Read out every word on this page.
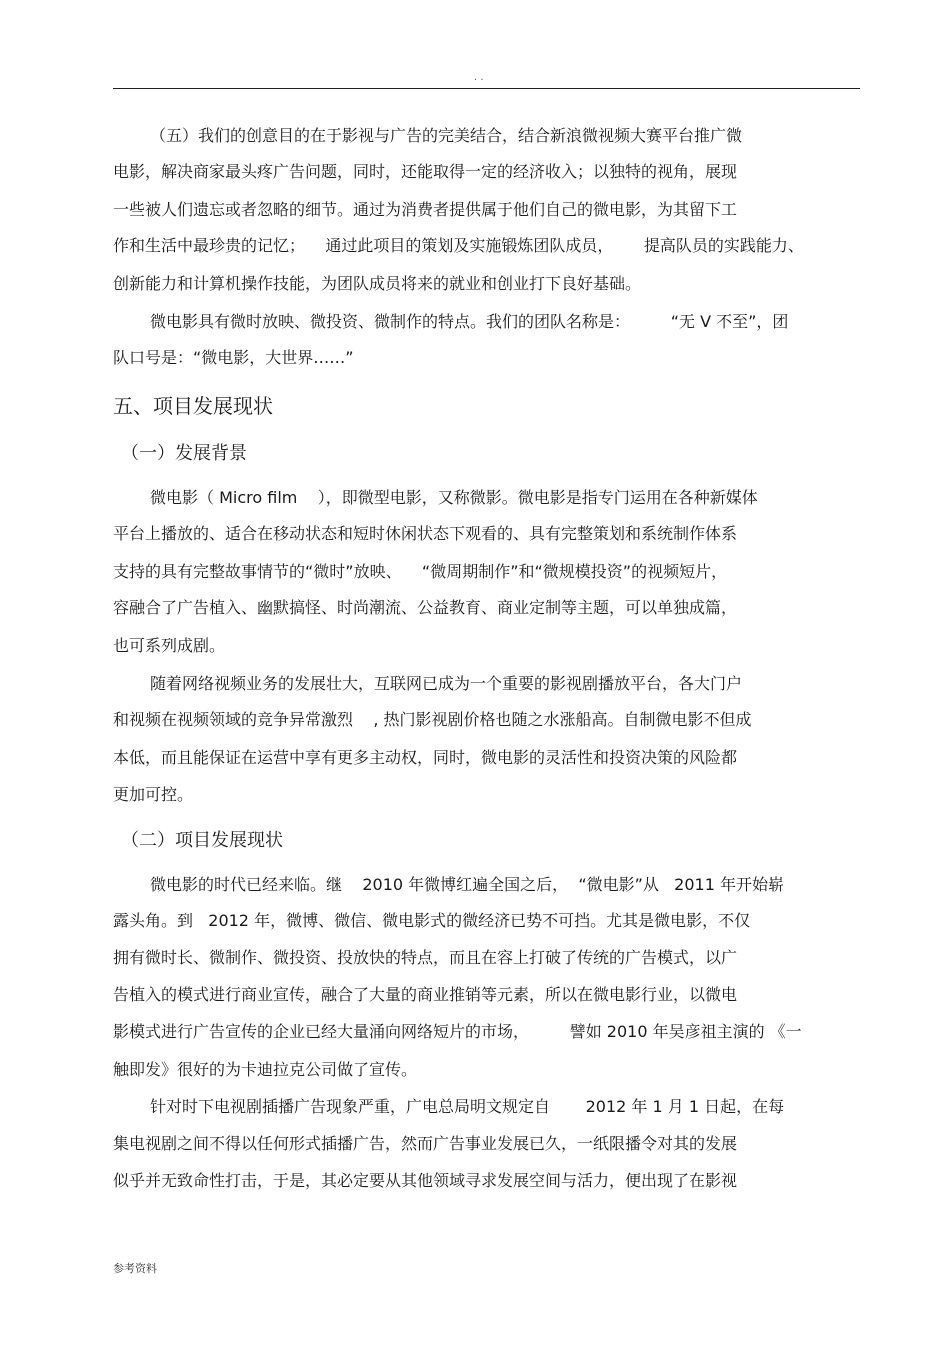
. .
（五）我们的创意目的在于影视与广告的完美结合，结合新浪微视频大赛平台推广微
电影，解决商家最头疼广告问题，同时，还能取得一定的经济收入；以独特的视角，展现
一些被人们遗忘或者忽略的细节。通过为消费者提供属于他们自己的微电影，为其留下工
作和生活中最珍贵的记忆；    通过此项目的策划及实施锻炼团队成员，      提高队员的实践能力、
创新能力和计算机操作技能，为团队成员将来的就业和创业打下良好基础。
微电影具有微时放映、微投资、微制作的特点。我们的团队名称是：        “无 V 不至”，团
队口号是：“微电影，大世界……”
五、项目发展现状
（一）发展背景
微电影（ Micro film    ），即微型电影，又称微影。微电影是指专门运用在各种新媒体
平台上播放的、适合在移动状态和短时休闲状态下观看的、具有完整策划和系统制作体系
支持的具有完整故事情节的“微时”放映、    “微周期制作”和“微规模投资”的视频短片，
容融合了广告植入、幽默搞怪、时尚潮流、公益教育、商业定制等主题，可以单独成篇，
也可系列成剧。
随着网络视频业务的发展壮大，互联网已成为一个重要的影视剧播放平台，各大门户
和视频在视频领域的竞争异常激烈    , 热门影视剧价格也随之水涨船高。自制微电影不但成
本低，而且能保证在运营中享有更多主动权，同时，微电影的灵活性和投资决策的风险都
更加可控。
（二）项目发展现状
微电影的时代已经来临。继    2010 年微博红遍全国之后，  “微电影”从   2011 年开始崭
露头角。到   2012 年，微博、微信、微电影式的微经济已势不可挡。尤其是微电影，不仅
拥有微时长、微制作、微投资、投放快的特点，而且在容上打破了传统的广告模式，以广
告植入的模式进行商业宣传，融合了大量的商业推销等元素，所以在微电影行业，以微电
影模式进行广告宣传的企业已经大量涌向网络短片的市场，        譬如 2010 年吴彦祖主演的 《一
触即发》很好的为卡迪拉克公司做了宣传。
针对时下电视剧插播广告现象严重，广电总局明文规定自       2012 年 1 月 1 日起，在每
集电视剧之间不得以任何形式插播广告，然而广告事业发展已久，一纸限播令对其的发展
似乎并无致命性打击，于是，其必定要从其他领域寻求发展空间与活力，便出现了在影视
参考资料
